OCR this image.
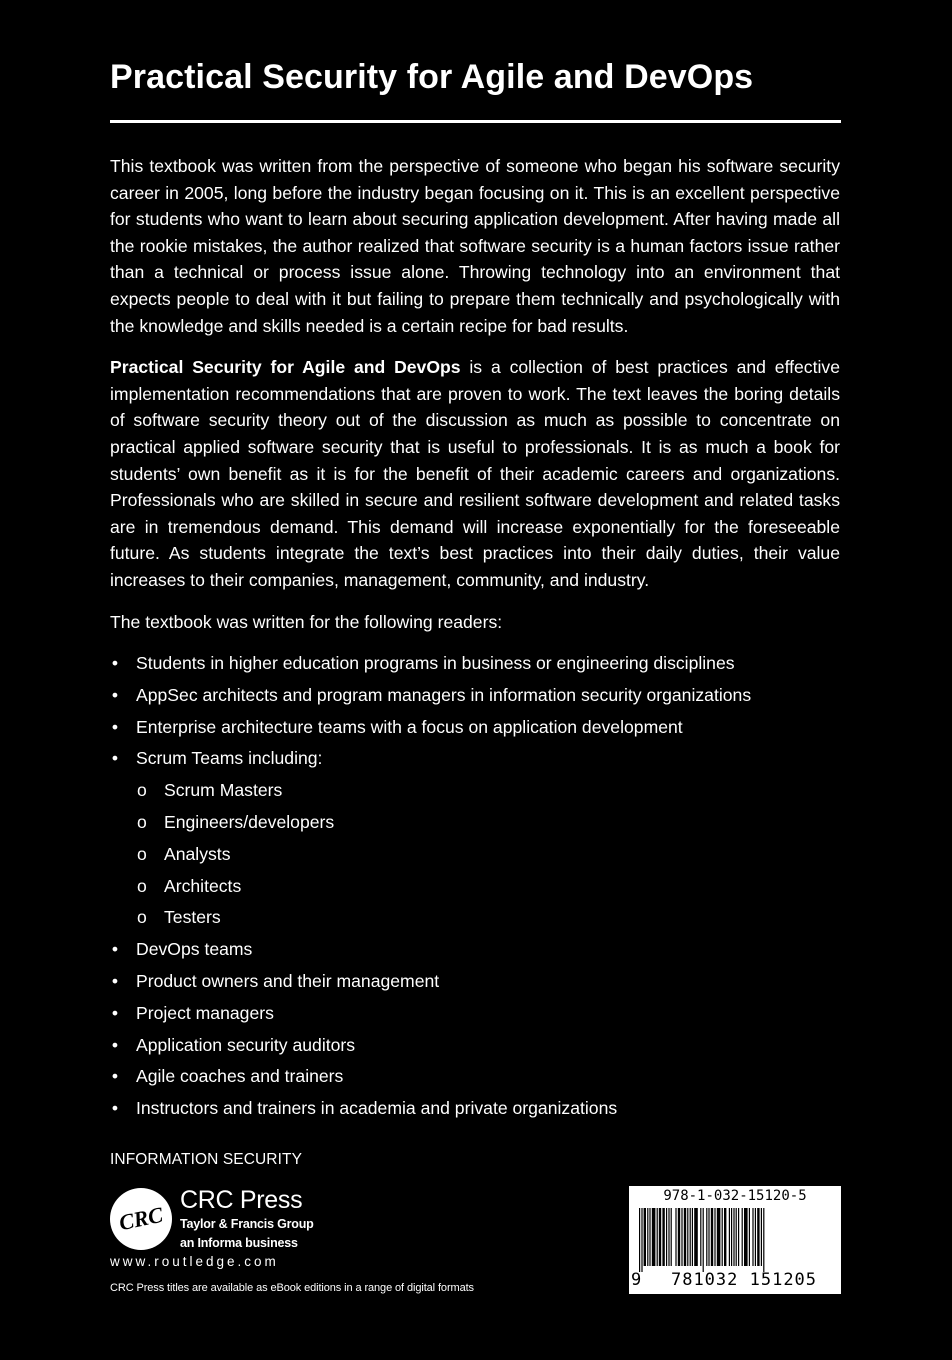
Practical Security for Agile and DevOps

This textbook was written from the perspective of someone who began his software security career in 2005, long before the industry began focusing on it. This is an excellent perspective for students who want to learn about securing application development. After having made all the rookie mistakes, the author realized that software security is a human factors issue rather than a technical or process issue alone. Throwing technology into an environment that expects people to deal with it but failing to prepare them technically and psychologically with the knowledge and skills needed is a certain recipe for bad results.

Practical Security for Agile and DevOps is a collection of best practices and effective implementation recommendations that are proven to work. The text leaves the boring details of software security theory out of the discussion as much as possible to concentrate on practical applied software security that is useful to professionals. It is as much a book for students’ own benefit as it is for the benefit of their academic careers and organizations. Professionals who are skilled in secure and resilient software development and related tasks are in tremendous demand. This demand will increase exponentially for the foreseeable future. As students integrate the text’s best practices into their daily duties, their value increases to their companies, management, community, and industry.

The textbook was written for the following readers:

• Students in higher education programs in business or engineering disciplines
• AppSec architects and program managers in information security organizations
• Enterprise architecture teams with a focus on application development
• Scrum Teams including:
o Scrum Masters
o Engineers/developers
o Analysts
o Architects
o Testers
• DevOps teams
• Product owners and their management
• Project managers
• Application security auditors
• Agile coaches and trainers
• Instructors and trainers in academia and private organizations
INFORMATION SECURITY
CRC
CRC Press
Taylor & Francis Group
an Informa business
www.routledge.com
CRC Press titles are available as eBook editions in a range of digital formats
978-1-032-15120-5
9	781032 151205
